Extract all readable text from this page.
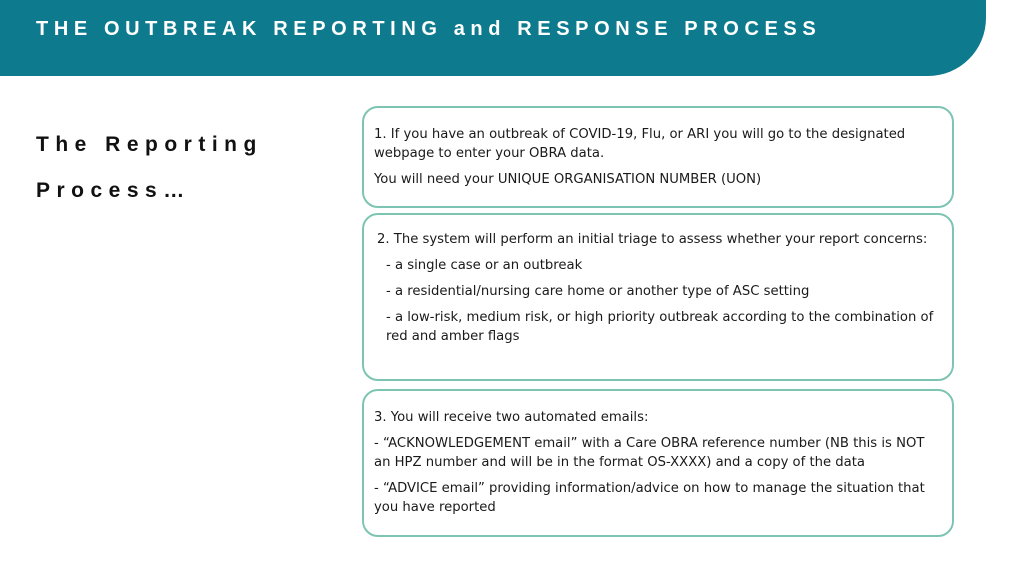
THE OUTBREAK REPORTING and RESPONSE PROCESS
The Reporting
Process…

1. If you have an outbreak of COVID-19, Flu, or ARI you will go to the designated webpage to enter your OBRA data.

You will need your UNIQUE ORGANISATION NUMBER (UON)

2. The system will perform an initial triage to assess whether your report concerns:

- a single case or an outbreak

- a residential/nursing care home or another type of ASC setting

- a low-risk, medium risk, or high priority outbreak according to the combination of red and amber flags

3. You will receive two automated emails:

- “ACKNOWLEDGEMENT email” with a Care OBRA reference number (NB this is NOT an HPZ number and will be in the format OS-XXXX) and a copy of the data

- “ADVICE email” providing information/advice on how to manage the situation that you have reported
